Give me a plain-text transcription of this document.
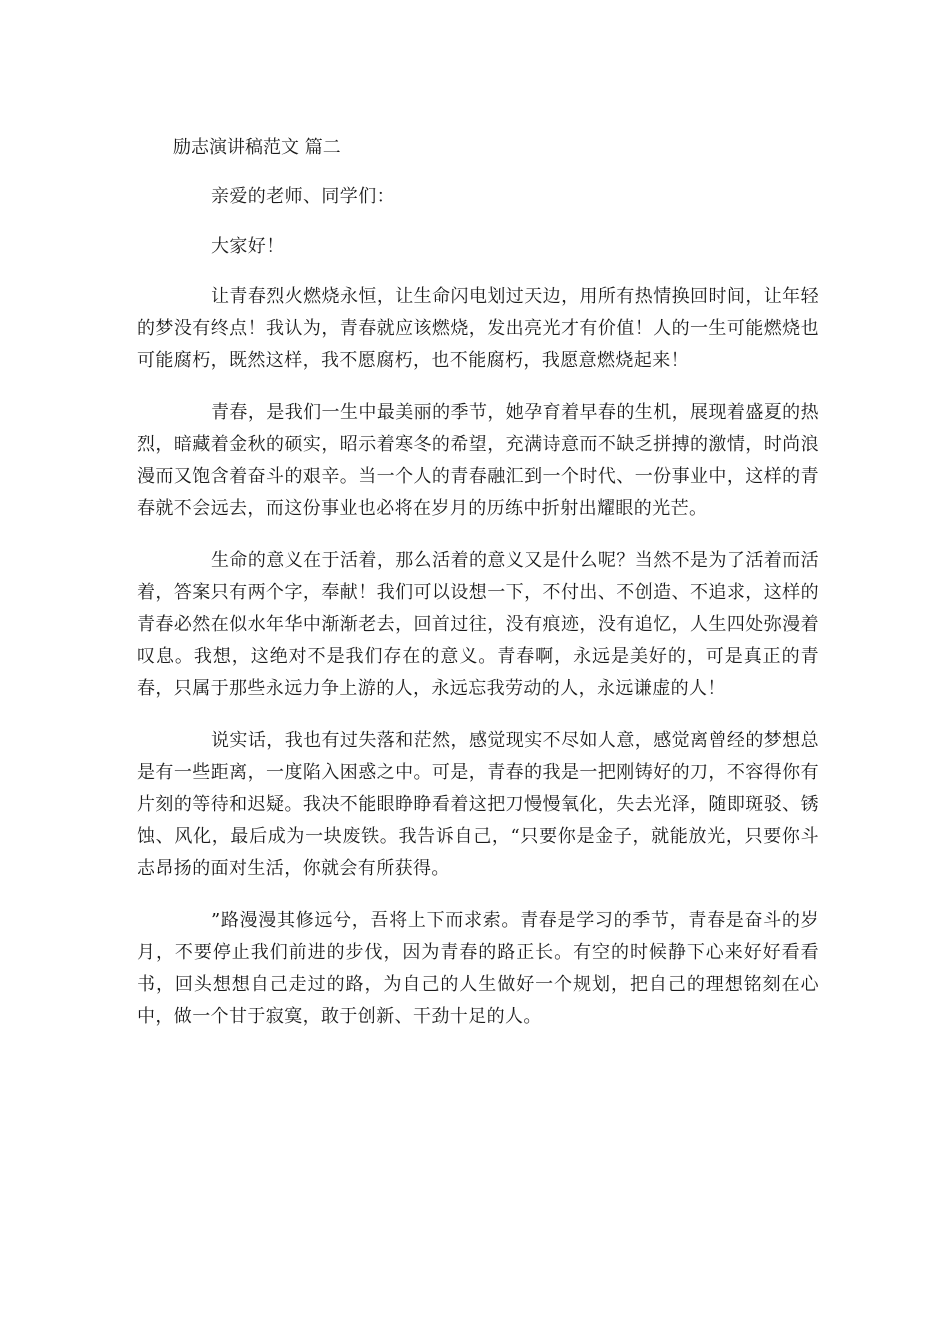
励志演讲稿范文 篇二

亲爱的老师、同学们：

大家好！

让青春烈火燃烧永恒，让生命闪电划过天边，用所有热情换回时间，让年轻的梦没有终点！我认为，青春就应该燃烧，发出亮光才有价值！人的一生可能燃烧也可能腐朽，既然这样，我不愿腐朽，也不能腐朽，我愿意燃烧起来！

青春，是我们一生中最美丽的季节，她孕育着早春的生机，展现着盛夏的热烈，暗藏着金秋的硕实，昭示着寒冬的希望，充满诗意而不缺乏拼搏的激情，时尚浪漫而又饱含着奋斗的艰辛。当一个人的青春融汇到一个时代、一份事业中，这样的青春就不会远去，而这份事业也必将在岁月的历练中折射出耀眼的光芒。

生命的意义在于活着，那么活着的意义又是什么呢？当然不是为了活着而活着，答案只有两个字，奉献！我们可以设想一下，不付出、不创造、不追求，这样的青春必然在似水年华中渐渐老去，回首过往，没有痕迹，没有追忆，人生四处弥漫着叹息。我想，这绝对不是我们存在的意义。青春啊，永远是美好的，可是真正的青春，只属于那些永远力争上游的人，永远忘我劳动的人，永远谦虚的人！

说实话，我也有过失落和茫然，感觉现实不尽如人意，感觉离曾经的梦想总是有一些距离，一度陷入困惑之中。可是，青春的我是一把刚铸好的刀，不容得你有片刻的等待和迟疑。我决不能眼睁睁看着这把刀慢慢氧化，失去光泽，随即斑驳、锈蚀、风化，最后成为一块废铁。我告诉自己，“只要你是金子，就能放光，只要你斗志昂扬的面对生活，你就会有所获得。

”路漫漫其修远兮，吾将上下而求索。青春是学习的季节，青春是奋斗的岁月，不要停止我们前进的步伐，因为青春的路正长。有空的时候静下心来好好看看书，回头想想自己走过的路，为自己的人生做好一个规划，把自己的理想铭刻在心中，做一个甘于寂寞，敢于创新、干劲十足的人。
